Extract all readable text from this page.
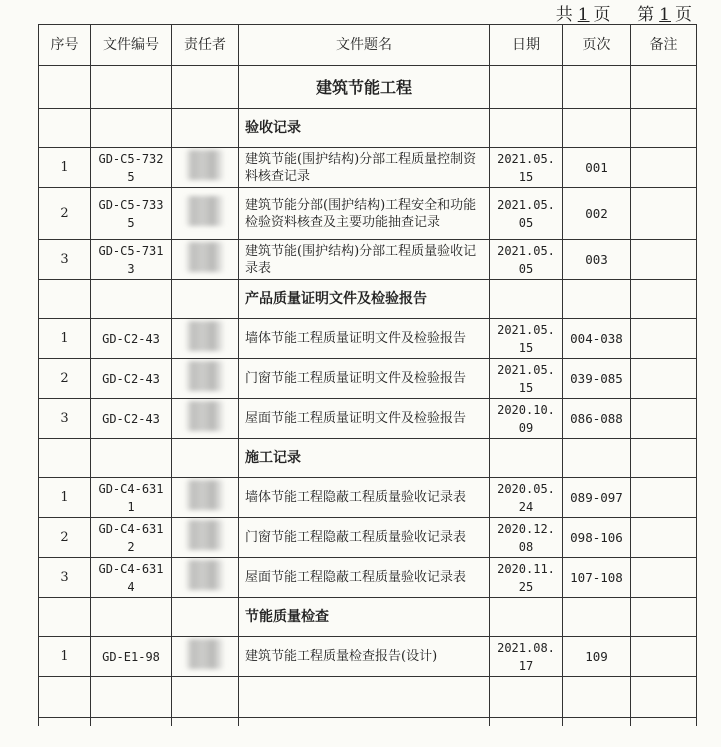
共 1 页 第 1 页
序号	文件编号	责任者	文件题名	日期	页次	备注
			建筑节能工程			
			验收记录			
1	GD-C5-7325		建筑节能(围护结构)分部工程质量控制资料核查记录	2021.05.15	001	
2	GD-C5-7335		建筑节能分部(围护结构)工程安全和功能检验资料核查及主要功能抽查记录	2021.05.05	002	
3	GD-C5-7313		建筑节能(围护结构)分部工程质量验收记录表	2021.05.05	003	
			产品质量证明文件及检验报告			
1	GD-C2-43		墙体节能工程质量证明文件及检验报告	2021.05.15	004-038	
2	GD-C2-43		门窗节能工程质量证明文件及检验报告	2021.05.15	039-085	
3	GD-C2-43		屋面节能工程质量证明文件及检验报告	2020.10.09	086-088	
			施工记录			
1	GD-C4-6311		墙体节能工程隐蔽工程质量验收记录表	2020.05.24	089-097	
2	GD-C4-6312		门窗节能工程隐蔽工程质量验收记录表	2020.12.08	098-106	
3	GD-C4-6314		屋面节能工程隐蔽工程质量验收记录表	2020.11.25	107-108	
			节能质量检查			
1	GD-E1-98		建筑节能工程质量检查报告(设计)	2021.08.17	109	
